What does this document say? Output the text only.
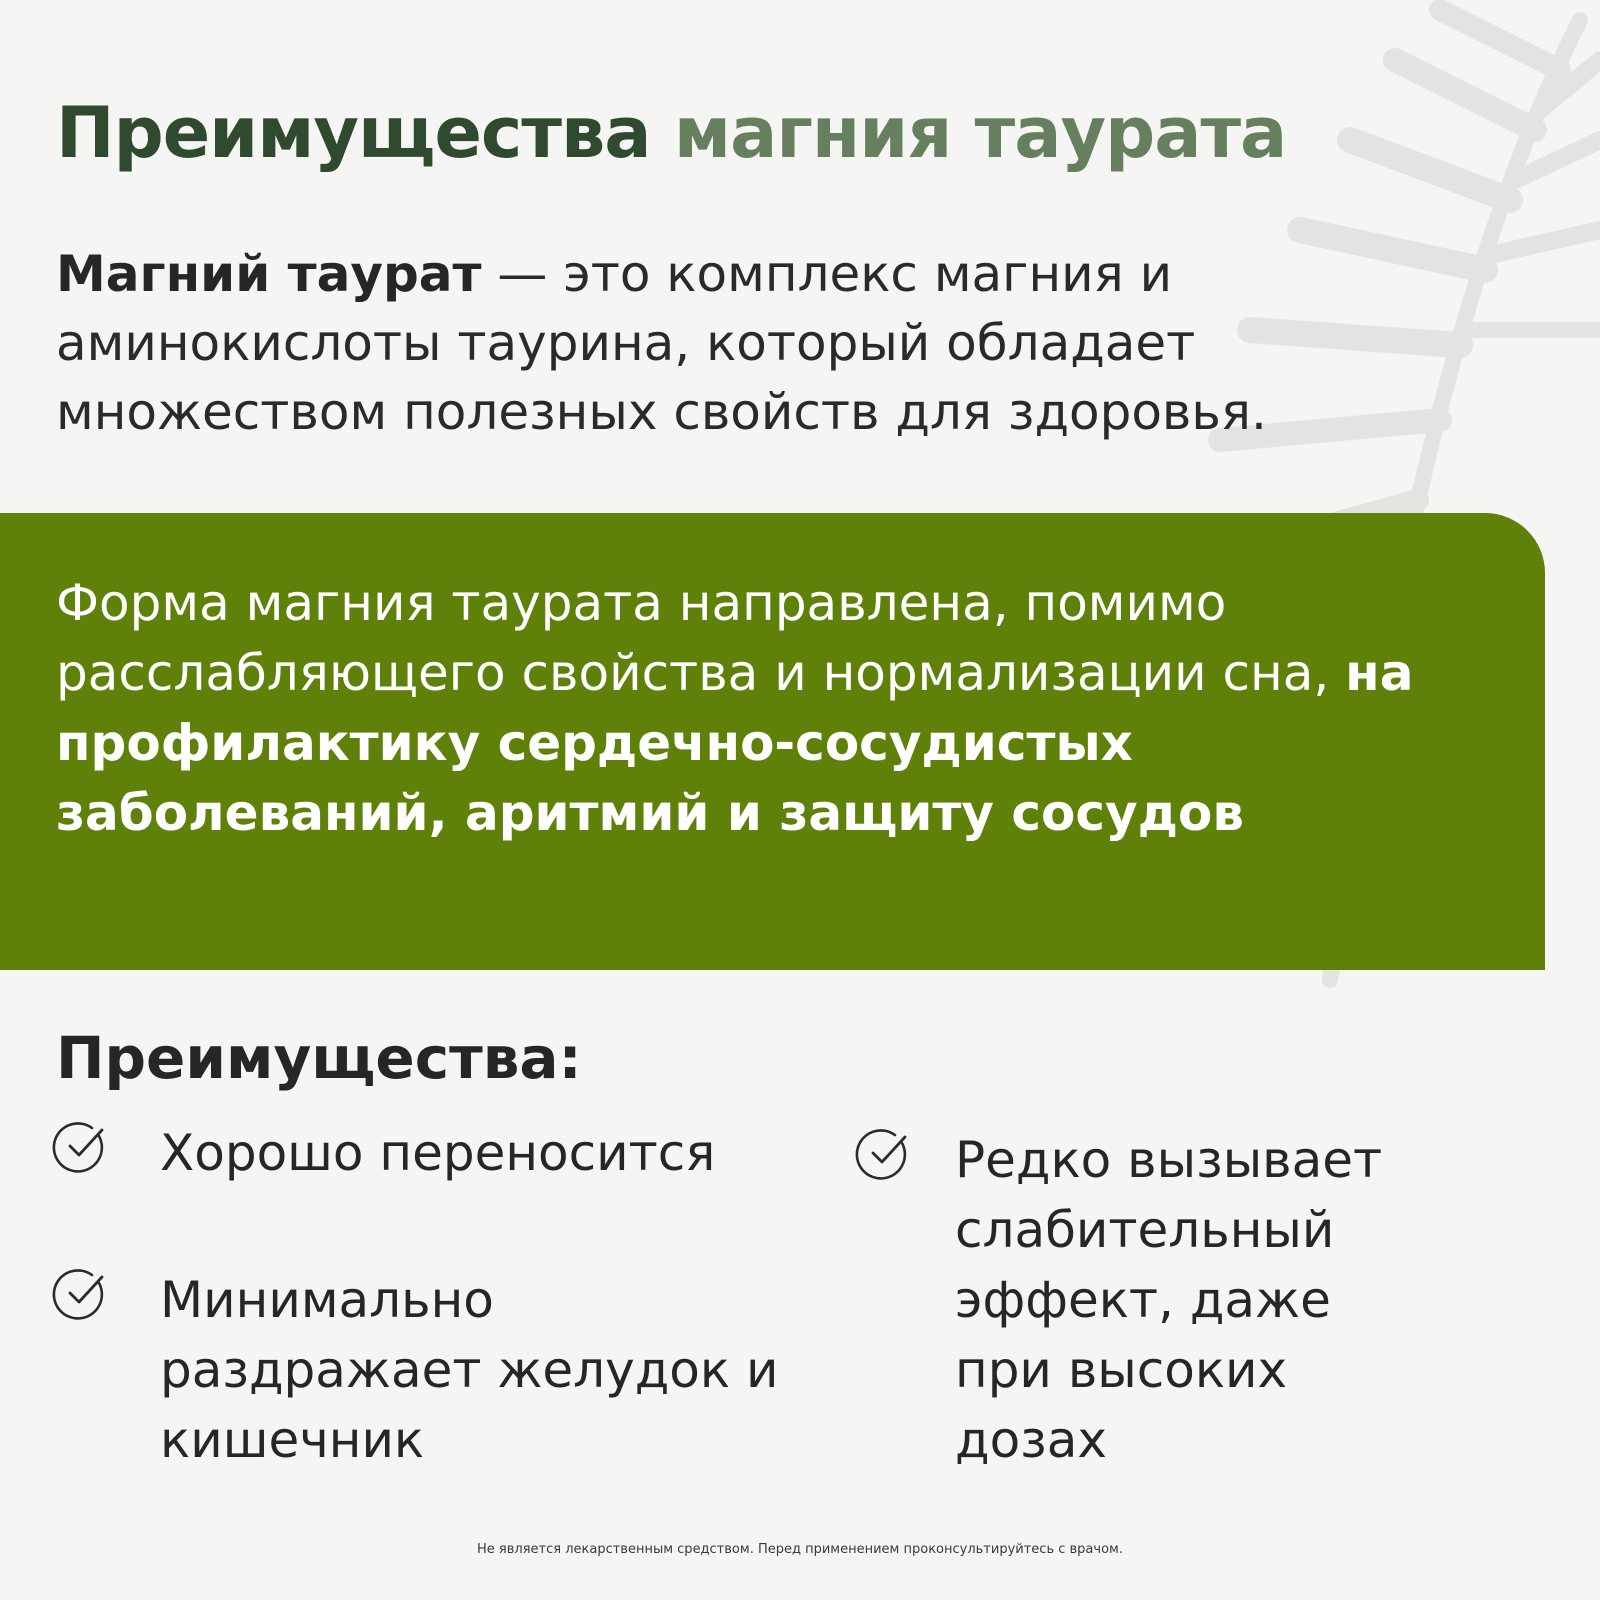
Преимущества магния таурата

Магний таурат — это комплекс магния и аминокислоты таурина, который обладает множеством полезных свойств для здоровья.

Форма магния таурата направлена, помимо расслабляющего свойства и нормализации сна, на профилактику сердечно-сосудистых заболеваний, аритмий и защиту сосудов

Преимущества:

Хорошо переносится

Минимально раздражает желудок и кишечник

Редко вызывает слабительный эффект, даже при высоких дозах

Не является лекарственным средством. Перед применением проконсультируйтесь с врачом.
